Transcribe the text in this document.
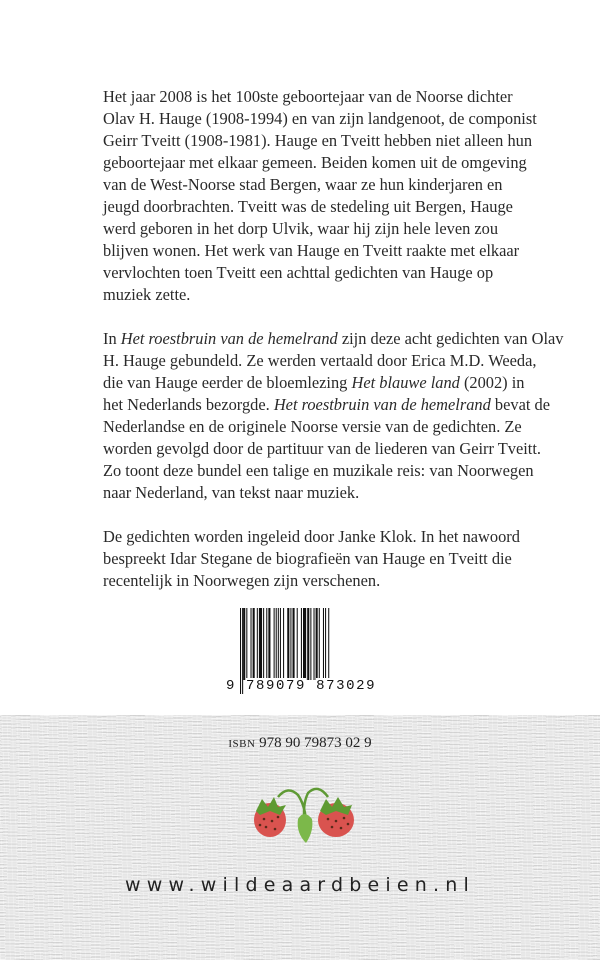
Het jaar 2008 is het 100ste geboortejaar van de Noorse dichter
Olav H. Hauge (1908-1994) en van zijn landgenoot, de componist
Geirr Tveitt (1908-1981). Hauge en Tveitt hebben niet alleen hun
geboortejaar met elkaar gemeen. Beiden komen uit de omgeving
van de West-Noorse stad Bergen, waar ze hun kinderjaren en
jeugd doorbrachten. Tveitt was de stedeling uit Bergen, Hauge
werd geboren in het dorp Ulvik, waar hij zijn hele leven zou
blijven wonen. Het werk van Hauge en Tveitt raakte met elkaar
vervlochten toen Tveitt een achttal gedichten van Hauge op
muziek zette.
In Het roestbruin van de hemelrand zijn deze acht gedichten van Olav
H. Hauge gebundeld. Ze werden vertaald door Erica M.D. Weeda,
die van Hauge eerder de bloemlezing Het blauwe land (2002) in
het Nederlands bezorgde. Het roestbruin van de hemelrand bevat de
Nederlandse en de originele Noorse versie van de gedichten. Ze
worden gevolgd door de partituur van de liederen van Geirr Tveitt.
Zo toont deze bundel een talige en muzikale reis: van Noorwegen
naar Nederland, van tekst naar muziek.
De gedichten worden ingeleid door Janke Klok. In het nawoord
bespreekt Idar Stegane de biografieën van Hauge en Tveitt die
recentelijk in Noorwegen zijn verschenen.
9 789079 873029
ISBN 978 90 79873 02 9
www.wildeaardbeien.nl
